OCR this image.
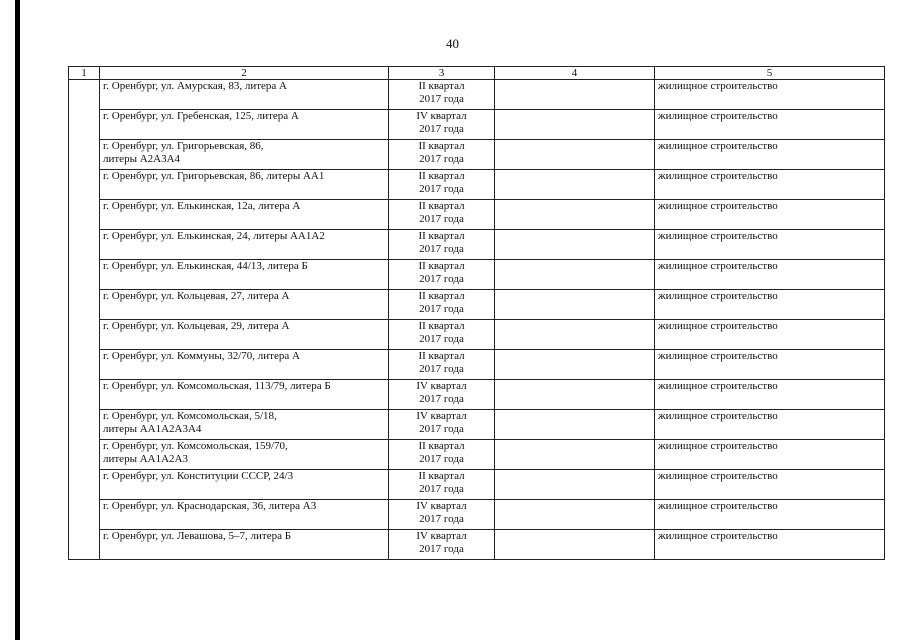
40
1	2	3	4	5
	г. Оренбург, ул. Амурская, 83, литера А	II квартал
2017 года		жилищное строительство
	г. Оренбург, ул. Гребенская, 125, литера А	IV квартал
2017 года		жилищное строительство
	г. Оренбург, ул. Григорьевская, 86,
литеры А2А3А4	II квартал
2017 года		жилищное строительство
	г. Оренбург, ул. Григорьевская, 86, литеры АА1	II квартал
2017 года		жилищное строительство
	г. Оренбург, ул. Елькинская, 12а, литера А	II квартал
2017 года		жилищное строительство
	г. Оренбург, ул. Елькинская, 24, литеры АА1А2	II квартал
2017 года		жилищное строительство
	г. Оренбург, ул. Елькинская, 44/13, литера Б	II квартал
2017 года		жилищное строительство
	г. Оренбург, ул. Кольцевая, 27, литера А	II квартал
2017 года		жилищное строительство
	г. Оренбург, ул. Кольцевая, 29, литера А	II квартал
2017 года		жилищное строительство
	г. Оренбург, ул. Коммуны, 32/70, литера А	II квартал
2017 года		жилищное строительство
	г. Оренбург, ул. Комсомольская, 113/79, литера Б	IV квартал
2017 года		жилищное строительство
	г. Оренбург, ул. Комсомольская, 5/18,
литеры АА1А2А3А4	IV квартал
2017 года		жилищное строительство
	г. Оренбург, ул. Комсомольская, 159/70,
литеры АА1А2А3	II квартал
2017 года		жилищное строительство
	г. Оренбург, ул. Конституции СССР, 24/3	II квартал
2017 года		жилищное строительство
	г. Оренбург, ул. Краснодарская, 36, литера А3	IV квартал
2017 года		жилищное строительство
	г. Оренбург, ул. Левашова, 5–7, литера Б	IV квартал
2017 года		жилищное строительство
